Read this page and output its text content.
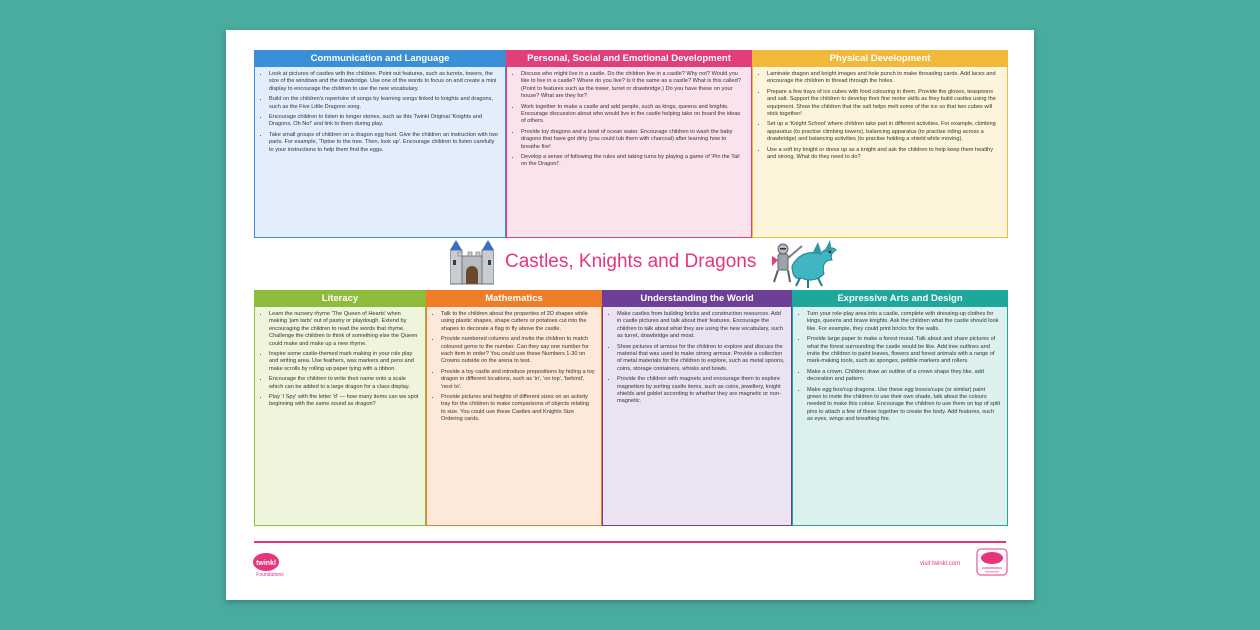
Communication and Language
• Look at pictures of castles with the children. Point out features, such as turrets, towers, the size of the windows and the drawbridge. Use one of the words to focus on and create a mini display to encourage the children to use the new vocabulary.
• Build on the children's repertoire of songs by learning songs linked to knights and dragons, such as the Five Little Dragons song.
• Encourage children to listen to longer stories, such as this Twinkl Original 'Knights and Dragons, Oh No!' and link to them during play.
• Take small groups of children on a dragon egg hunt. Give the children an instruction with two parts. For example, 'Tiptoe to the tree. Then, look up'. Encourage children to listen carefully to your instructions to help them find the eggs.
Personal, Social and Emotional Development
• Discuss who might live in a castle. Do the children live in a castle? Why not? Would you like to live in a castle? Where do you live? Is it the same as a castle? What is this called? (Point to features such as the tower, turret or drawbridge.) Do you have these on your house? What are they for?
• Work together to make a castle and add people, such as kings, queens and knights. Encourage discussion about who would live in the castle helping take on board the ideas of others.
• Provide toy dragons and a bowl of ocean water. Encourage children to wash the baby dragons that have got dirty (you could tub them with charcoal) after learning how to breathe fire!
• Develop a sense of following the rules and taking turns by playing a game of 'Pin the Tail on the Dragon!'.
Physical Development
• Laminate dragon and knight images and hole punch to make threading cards. Add laces and encourage the children to thread through the holes.
• Prepare a few trays of ice cubes with food colouring in them. Provide the gloves, teaspoons and salt. Support the children to develop their fine motor skills as they build castles using the equipment. Show the children that the salt helps melt some of the ice so that two cubes will stick together!
• Set up a 'Knight School' where children take part in different activities. For example, climbing apparatus (to practise climbing towers), balancing apparatus (to practise riding across a drawbridge) and balancing activities (to practise holding a shield while moving).
• Use a soft toy knight or dress up as a knight and ask the children to help keep them healthy and strong. What do they need to do?
Castles, Knights and Dragons
Literacy
• Learn the nursery rhyme 'The Queen of Hearts' when making 'jam tarts' out of pastry or playdough. Extend by encouraging the children to read the words that rhyme. Challenge the children to think of something else the Queen could make and make up a new rhyme.
• Inspire some castle-themed mark making in your role play and writing area. Use feathers, wax markers and pens and make scrolls by rolling up paper tying with a ribbon.
• Encourage the children to write their name onto a scale which can be added to a large dragon for a class display.
• Play 'I Spy' with the letter 'd' — how many items can we spot beginning with the same sound as dragon?
Mathematics
• Talk to the children about the properties of 2D shapes while using plastic shapes, shape cutters or potatoes cut into the shapes to decorate a flag to fly above the castle.
• Provide numbered columns and invite the children to match coloured gems to the number. Can they say one number for each item in order? You could use these Numbers 1-30 on Crowns outside on the arena to test.
• Provide a toy castle and introduce prepositions by hiding a toy dragon in different locations, such as 'in', 'on top', 'behind', 'next to'.
• Provide pictures and heights of different sizes on an activity tray for the children to make comparisons of objects relating to size. You could use these Castles and Knights Size Ordering cards.
Understanding the World
• Make castles from building bricks and construction resources. Add in castle pictures and talk about their features. Encourage the children to talk about what they are using the new vocabulary, such as turret, drawbridge and moat.
• Show pictures of armour for the children to explore and discuss the material that was used to make strong armour. Provide a collection of metal materials for the children to explore, such as metal spoons, coins, storage containers, whisks and bowls.
• Provide the children with magnets and encourage them to explore magnetism by sorting castle items, such as coins, jewellery, knight shields and goblet according to whether they are magnetic or non-magnetic.
Expressive Arts and Design
• Turn your role-play area into a castle, complete with dressing-up clothes for kings, queens and brave knights. Ask the children what the castle should look like. For example, they could print bricks for the walls.
• Provide large paper to make a forest mural. Talk about and share pictures of what the forest surrounding the castle would be like. Add tree outlines and invite the children to paint leaves, flowers and forest animals with a range of mark-making tools, such as sponges, pebble markers and rollers.
• Make a crown. Children draw an outline of a crown shape they like, add decoration and pattern.
• Make egg box/cup dragons. Use these egg boxes/cups (or similar) paint green to invite the children to use their own shade, talk about the colours needed to make this colour. Encourage the children to use them on top of split pins to attach a few of these together to create the body. Add features, such as eyes, wings and breathing fire.
twinkl
Foundations
visit twinkl.com
